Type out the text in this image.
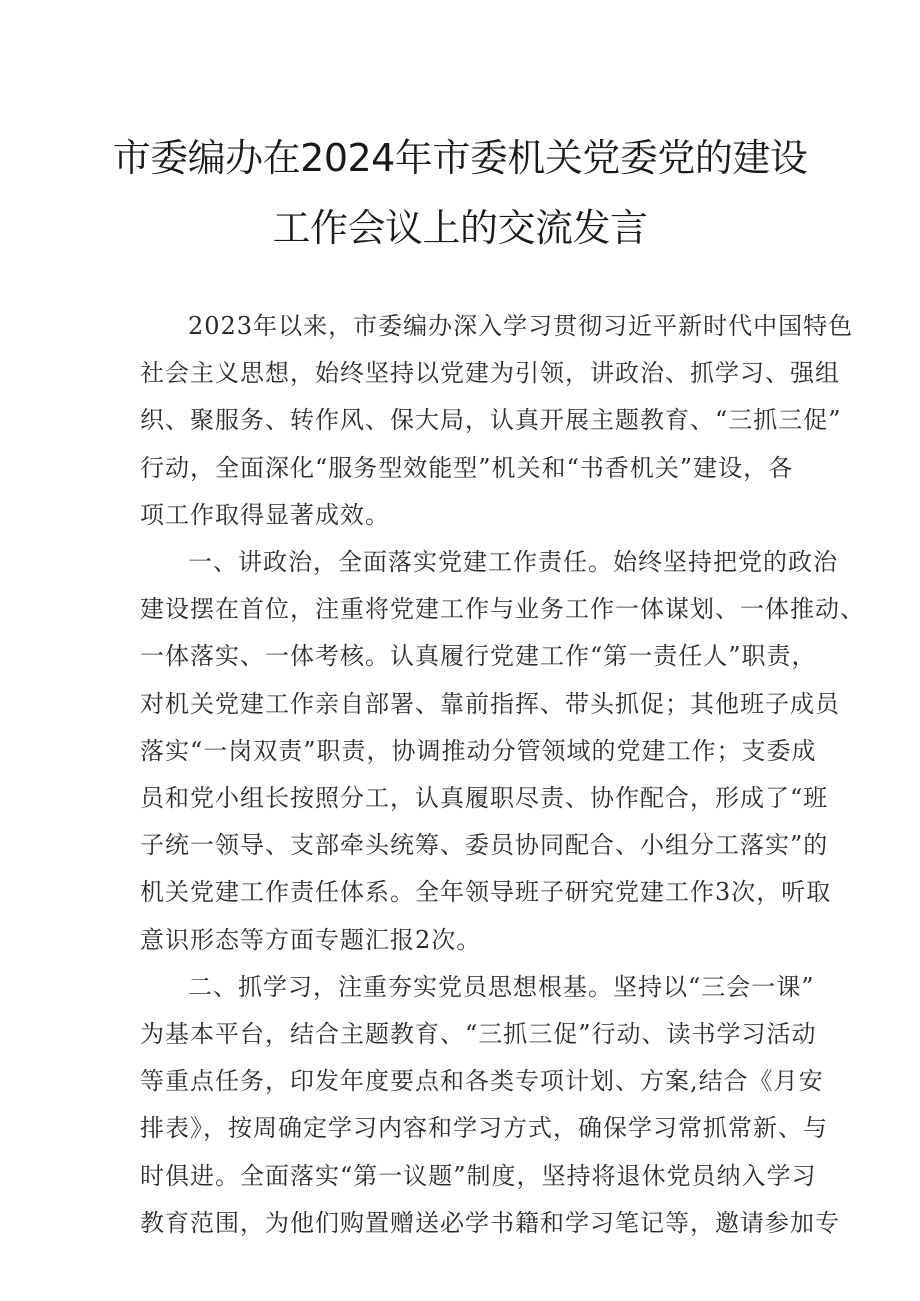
市委编办在2024年市委机关党委党的建设
工作会议上的交流发言
2023年以来，市委编办深入学习贯彻习近平新时代中国特色
社会主义思想，始终坚持以党建为引领，讲政治、抓学习、强组
织、聚服务、转作风、保大局，认真开展主题教育、“三抓三促”
行动，全面深化“服务型效能型”机关和“书香机关”建设，各
项工作取得显著成效。
一、讲政治，全面落实党建工作责任。始终坚持把党的政治
建设摆在首位，注重将党建工作与业务工作一体谋划、一体推动、
一体落实、一体考核。认真履行党建工作“第一责任人”职责，
对机关党建工作亲自部署、靠前指挥、带头抓促；其他班子成员
落实“一岗双责”职责，协调推动分管领域的党建工作；支委成
员和党小组长按照分工，认真履职尽责、协作配合，形成了“班
子统一领导、支部牵头统筹、委员协同配合、小组分工落实”的
机关党建工作责任体系。全年领导班子研究党建工作3次，听取
意识形态等方面专题汇报2次。
二、抓学习，注重夯实党员思想根基。坚持以“三会一课”
为基本平台，结合主题教育、“三抓三促”行动、读书学习活动
等重点任务，印发年度要点和各类专项计划、方案,结合《月安
排表》，按周确定学习内容和学习方式，确保学习常抓常新、与
时俱进。全面落实“第一议题”制度，坚持将退休党员纳入学习
教育范围，为他们购置赠送必学书籍和学习笔记等，邀请参加专
